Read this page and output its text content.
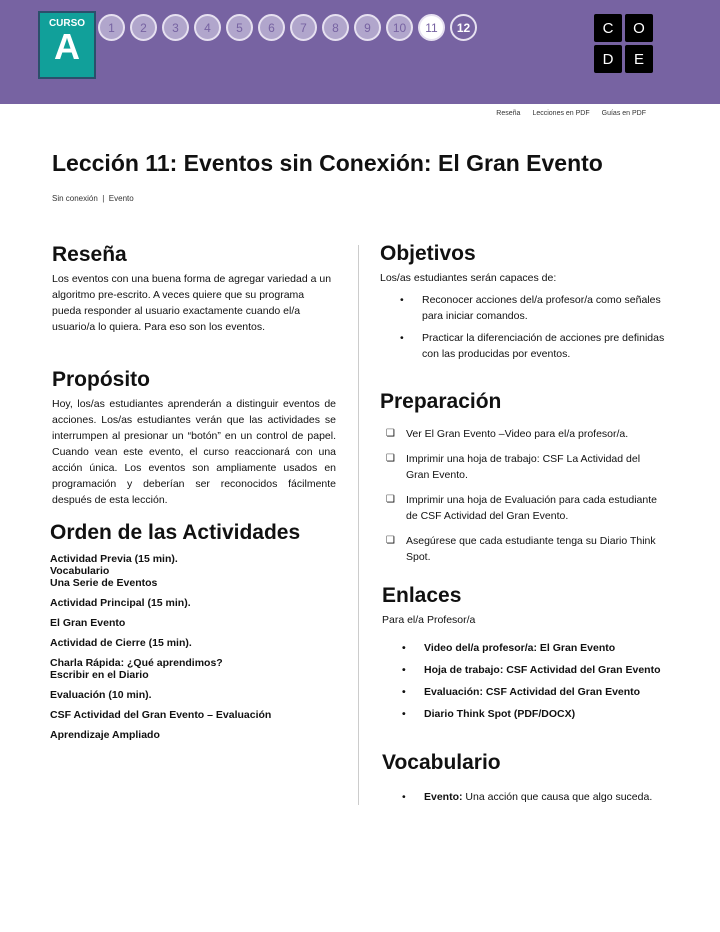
CURSO
A	1	2	3	4	5	6	7	8	9	10	11	12	C	O
D	E
Reseña Lecciones en PDF Guías en PDF
Lección 11: Eventos sin Conexión: El Gran Evento
Sin conexión  |  Evento
Reseña

Los eventos con una buena forma de agregar variedad a un algoritmo pre-escrito. A veces quiere que su programa pueda responder al usuario exactamente cuando el/a usuario/a lo quiera. Para eso son los eventos.

Propósito

Hoy, los/as estudiantes aprenderán a distinguir eventos de acciones. Los/as estudiantes verán que las actividades se interrumpen al presionar un “botón” en un control de papel. Cuando vean este evento, el curso reaccionará con una acción única. Los eventos son ampliamente usados en programación y deberían ser reconocidos fácilmente después de esta lección.

Orden de las Actividades

Actividad Previa (15 min).
Vocabulario
Una Serie de Eventos

Actividad Principal (15 min).

El Gran Evento

Actividad de Cierre (15 min).

Charla Rápida: ¿Qué aprendimos?
Escribir en el Diario

Evaluación (10 min).

CSF Actividad del Gran Evento – Evaluación

Aprendizaje Ampliado

Objetivos

Los/as estudiantes serán capaces de:

• Reconocer acciones del/a profesor/a como señales para iniciar comandos.
• Practicar la diferenciación de acciones pre definidas con las producidas por eventos.
Preparación
❏ Ver El Gran Evento –Video para el/a profesor/a.
❏ Imprimir una hoja de trabajo: CSF La Actividad del Gran Evento.
❏ Imprimir una hoja de Evaluación para cada estudiante de CSF Actividad del Gran Evento.
❏ Asegúrese que cada estudiante tenga su Diario Think Spot.
Enlaces

Para el/a Profesor/a

• Video del/a profesor/a: El Gran Evento
• Hoja de trabajo: CSF Actividad del Gran Evento
• Evaluación: CSF Actividad del Gran Evento
• Diario Think Spot (PDF/DOCX)
Vocabulario
• Evento: Una acción que causa que algo suceda.
